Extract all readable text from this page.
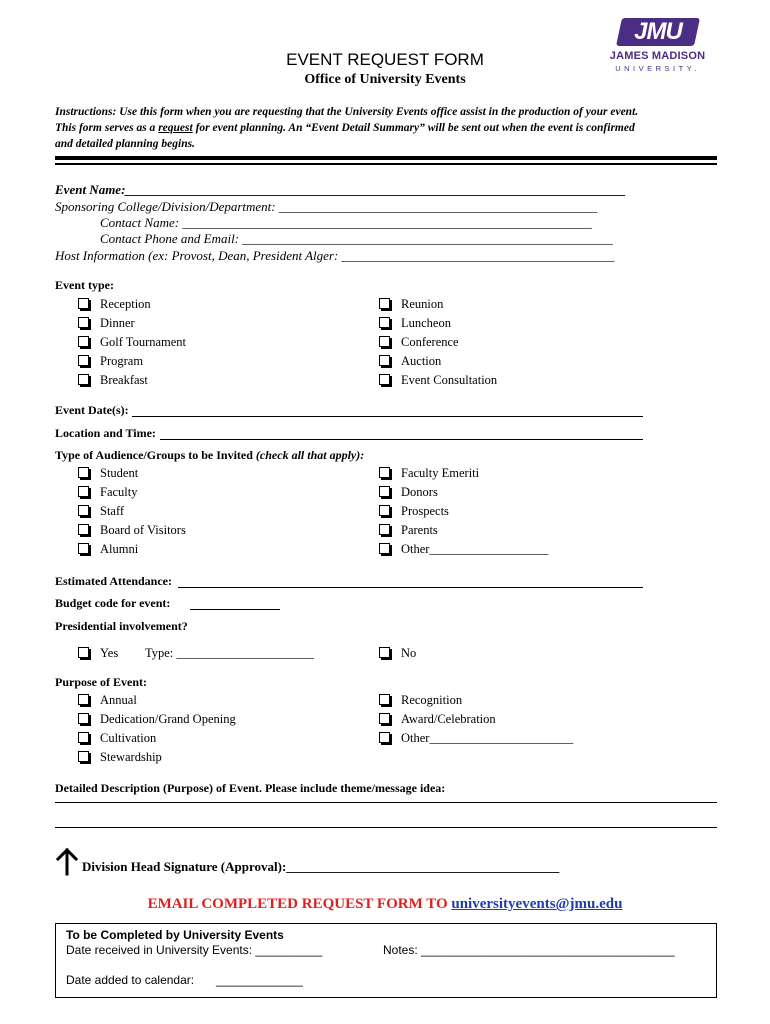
JMU
JAMES MADISON
UNIVERSITY.
EVENT REQUEST FORM
Office of University Events
Instructions: Use this form when you are requesting that the University Events office assist in the production of your event.
This form serves as a request for event planning. An “Event Detail Summary” will be sent out when the event is confirmed
and detailed planning begins.
Event Name:_____________________________________________________________________________
Sponsoring College/Division/Department: _________________________________________________
Contact Name: _______________________________________________________________
Contact Phone and Email: _________________________________________________________
Host Information (ex: Provost, Dean, President Alger: __________________________________________
Event type:
Reception
Dinner
Golf Tournament
Program
Breakfast
Reunion
Luncheon
Conference
Auction
Event Consultation
Event Date(s):
Location and Time:
Type of Audience/Groups to be Invited (check all that apply):
Student
Faculty
Staff
Board of Visitors
Alumni
Faculty Emeriti
Donors
Prospects
Parents
Other___________________
Estimated Attendance:
Budget code for event:
Presidential involvement?
Yes Type: ______________________	No
Purpose of Event:
Annual
Dedication/Grand Opening
Cultivation
Stewardship
Recognition
Award/Celebration
Other_______________________
Detailed Description (Purpose) of Event. Please include theme/message idea:
Division Head Signature (Approval):__________________________________________
EMAIL COMPLETED REQUEST FORM TO universityevents@jmu.edu
To be Completed by University Events
Date received in University Events: __________	Notes: ______________________________________
Date added to calendar: _____________
